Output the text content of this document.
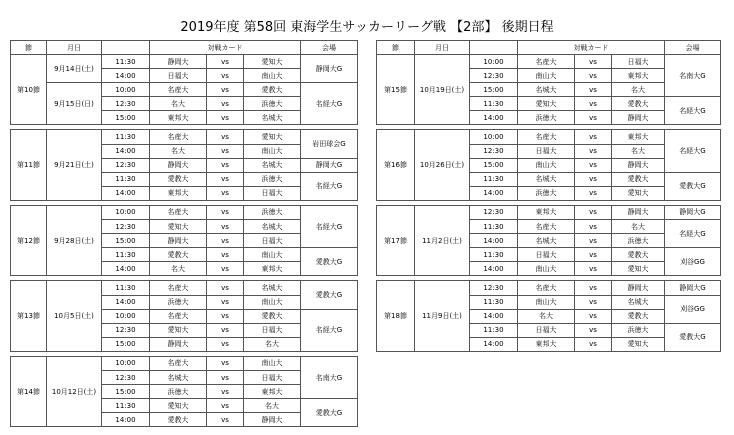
2019年度 第58回 東海学生サッカーリーグ戦 【2部】 後期日程
節	月日		対戦カード			会場
第10節	9月14日(土)	11:30	静岡大	vs	愛知大	静岡大G
		14:00	日福大	vs	南山大	
	9月15日(日)	10:00	名産大	vs	愛教大	名経大G
		12:30	名大	vs	浜徳大	
		15:00	東邦大	vs	名城大	

第11節	9月21日(土)	11:30	名産大	vs	愛知大	岩田球会G
		14:00	名大	vs	南山大	
		12:30	静岡大	vs	名城大	静岡大G
		11:30	愛教大	vs	浜徳大	名経大G
		14:00	東邦大	vs	日福大	

第12節	9月28日(土)	10:00	名産大	vs	浜徳大	名経大G
		12:30	愛知大	vs	名城大	
		15:00	静岡大	vs	日福大	
		11:30	愛教大	vs	南山大	愛教大G
		14:00	名大	vs	東邦大	

第13節	10月5日(土)	11:30	名産大	vs	名城大	愛教大G
		14:00	浜徳大	vs	南山大	
		10:00	名産大	vs	愛教大	名経大G
		12:30	愛知大	vs	日福大	
		15:00	静岡大	vs	名大	

第14節	10月12日(土)	10:00	名産大	vs	南山大	名南大G
		12:30	名城大	vs	日福大	
		15:00	浜徳大	vs	東邦大	
		11:30	愛知大	vs	名大	愛教大G
		14:00	愛教大	vs	静岡大	
節	月日		対戦カード			会場
第15節	10月19日(土)	10:00	名産大	vs	日福大	名南大G
		12:30	南山大	vs	東邦大	
		15:00	名城大	vs	名大	
		11:30	愛知大	vs	愛教大	名経大G
		14:00	浜徳大	vs	静岡大	

第16節	10月26日(土)	10:00	名産大	vs	東邦大	名経大G
		12:30	日福大	vs	名大	
		15:00	南山大	vs	静岡大	
		11:30	名城大	vs	愛教大	愛教大G
		14:00	浜徳大	vs	愛知大	

第17節	11月2日(土)	12:30	東邦大	vs	静岡大	静岡大G
		11:30	名産大	vs	名大	名経大G
		14:00	名城大	vs	浜徳大	
		11:30	日福大	vs	愛教大	刈谷GG
		14:00	南山大	vs	愛知大	

第18節	11月9日(土)	12:30	名産大	vs	静岡大	静岡大G
		11:30	南山大	vs	名城大	刈谷GG
		14:00	名大	vs	愛教大	
		11:30	日福大	vs	浜徳大	愛教大G
		14:00	東邦大	vs	愛知大	
